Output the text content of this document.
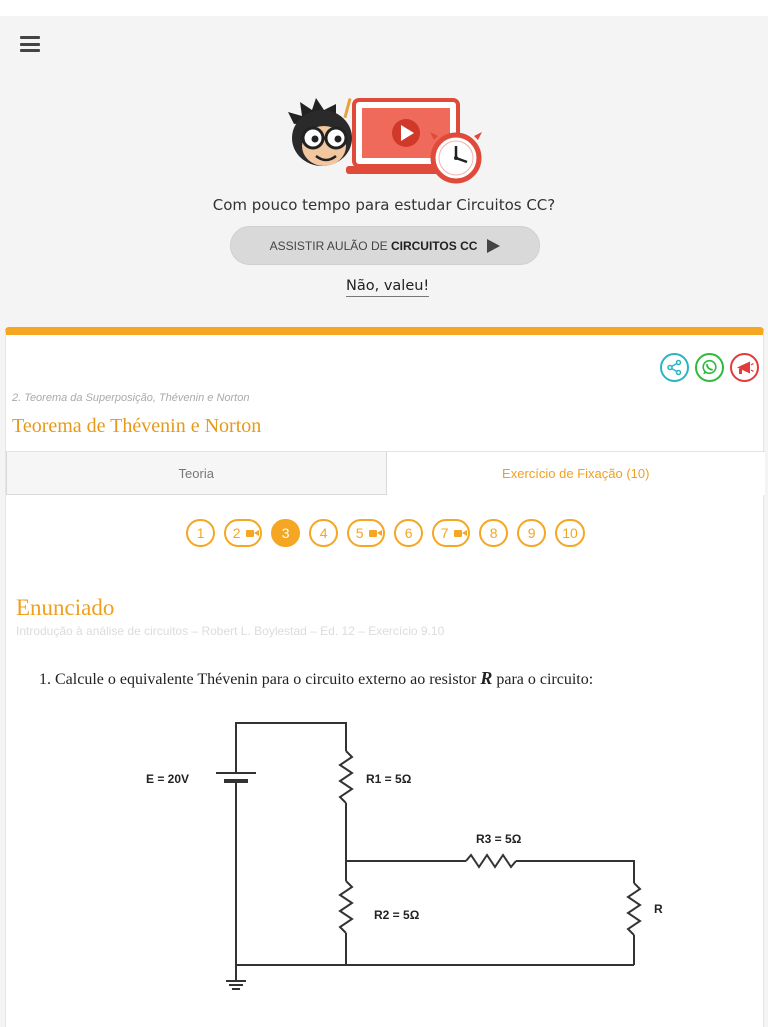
Com pouco tempo para estudar Circuitos CC?
ASSISTIR AULÃO DE CIRCUITOS CC
Não, valeu!
2. Teorema da Superposição, Thévenin e Norton
Teorema de Thévenin e Norton
Teoria	Exercício de Fixação (10)
1 2	3 4 5	6 7	8 9 10
Enunciado
Introdução à análise de circuitos – Robert L. Boylestad – Ed. 12 – Exercício 9.10
1. Calcule o equivalente Thévenin para o circuito externo ao resistor R para o circuito:
E = 20V	R1 = 5Ω
R3 = 5Ω
R2 = 5Ω	R
